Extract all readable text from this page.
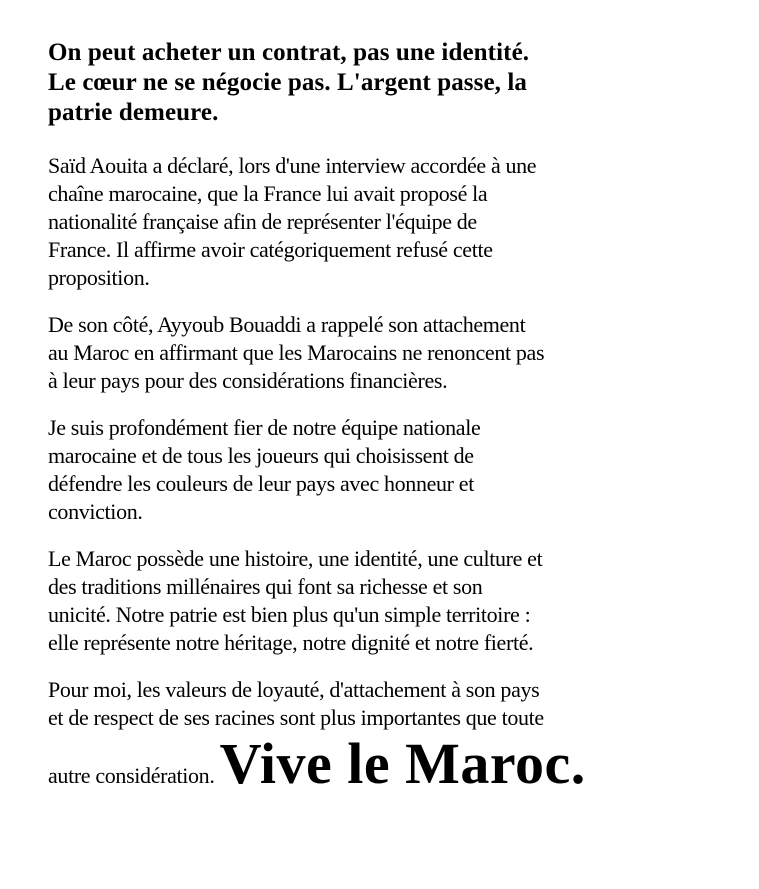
On peut acheter un contrat, pas une identité.
Le cœur ne se négocie pas. L'argent passe, la
patrie demeure.

Saïd Aouita a déclaré, lors d'une interview accordée à une
chaîne marocaine, que la France lui avait proposé la
nationalité française afin de représenter l'équipe de
France. Il affirme avoir catégoriquement refusé cette
proposition.

De son côté, Ayyoub Bouaddi a rappelé son attachement
au Maroc en affirmant que les Marocains ne renoncent pas
à leur pays pour des considérations financières.

Je suis profondément fier de notre équipe nationale
marocaine et de tous les joueurs qui choisissent de
défendre les couleurs de leur pays avec honneur et
conviction.

Le Maroc possède une histoire, une identité, une culture et
des traditions millénaires qui font sa richesse et son
unicité. Notre patrie est bien plus qu'un simple territoire :
elle représente notre héritage, notre dignité et notre fierté.

Pour moi, les valeurs de loyauté, d'attachement à son pays
et de respect de ses racines sont plus importantes que toute
autre considération. Vive le Maroc.
